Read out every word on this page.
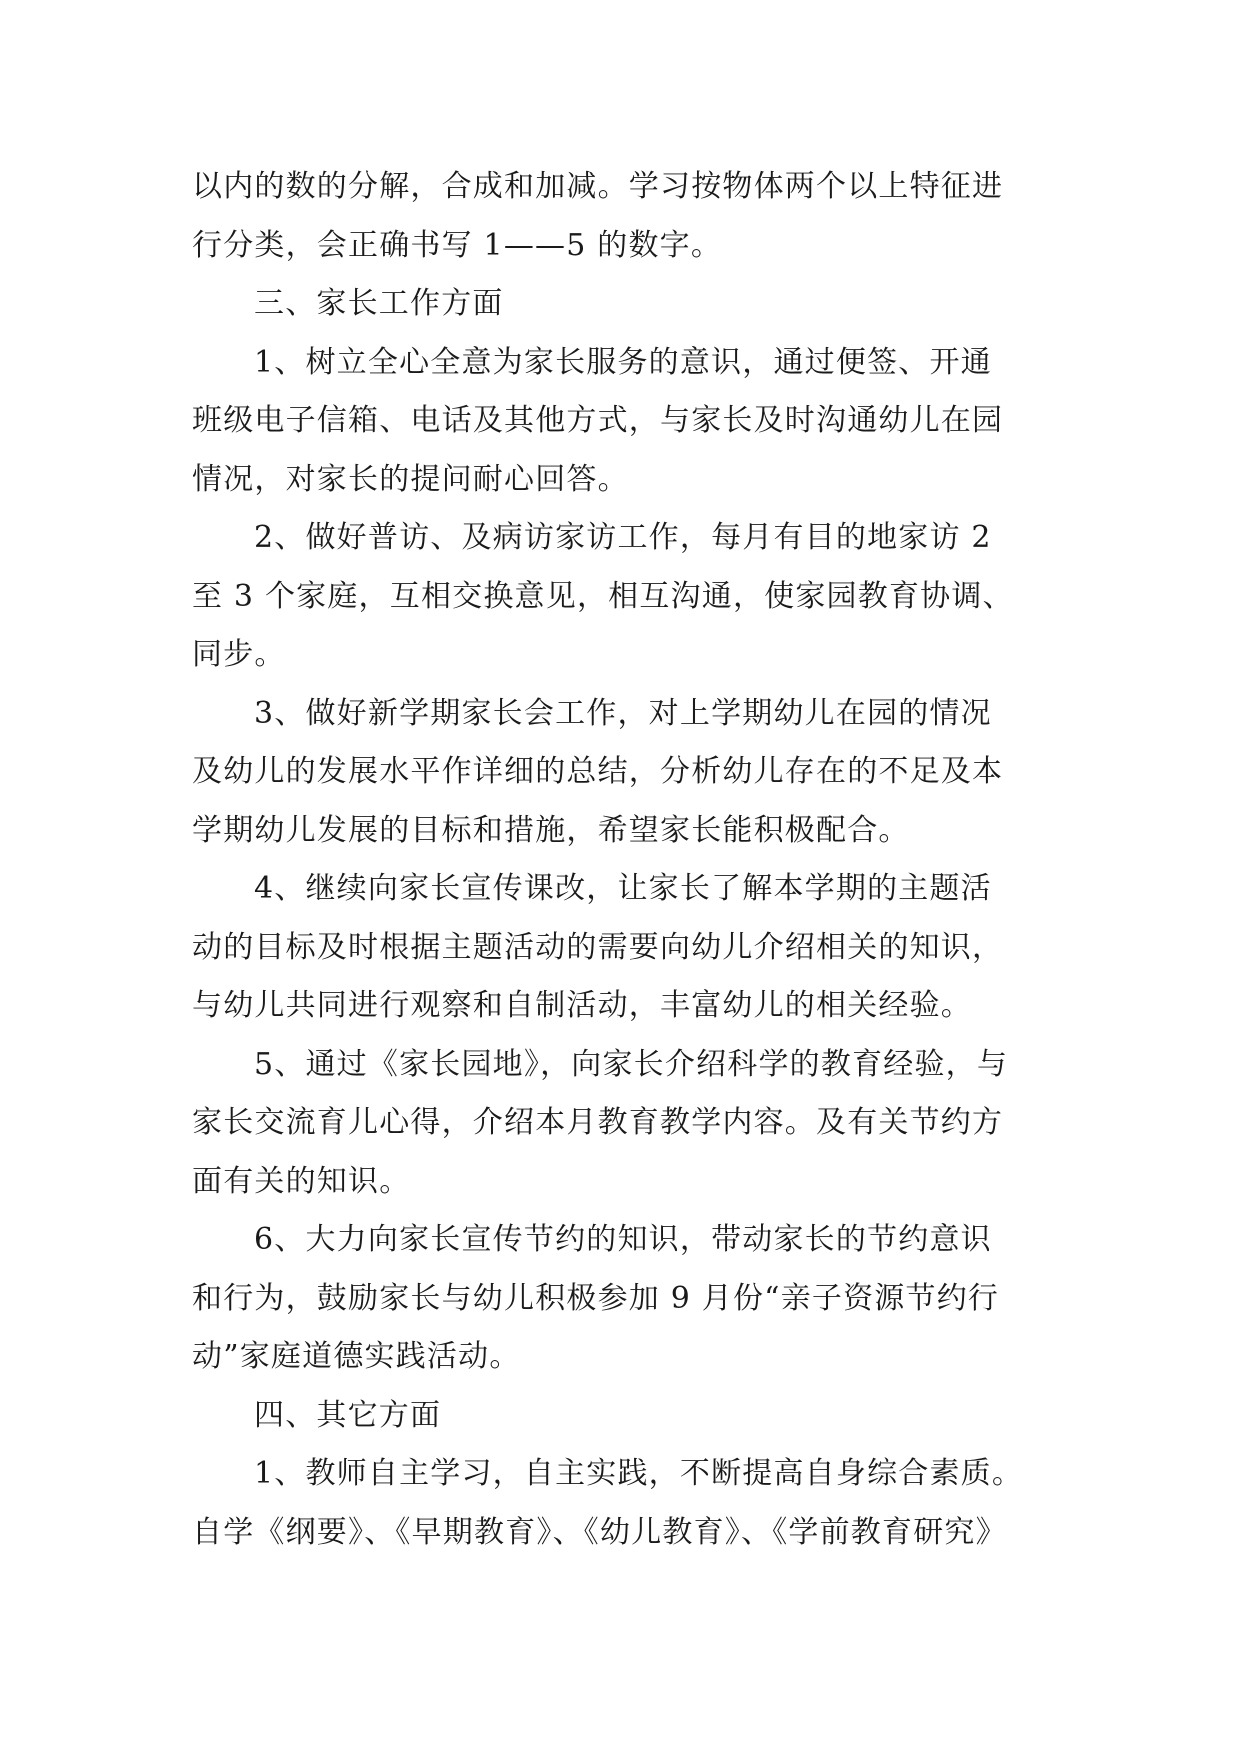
以内的数的分解，合成和加减。学习按物体两个以上特征进
行分类，会正确书写 1——5 的数字。
三、家长工作方面
1、树立全心全意为家长服务的意识，通过便签、开通
班级电子信箱、电话及其他方式，与家长及时沟通幼儿在园
情况，对家长的提问耐心回答。
2、做好普访、及病访家访工作，每月有目的地家访 2
至 3 个家庭，互相交换意见，相互沟通，使家园教育协调、
同步。
3、做好新学期家长会工作，对上学期幼儿在园的情况
及幼儿的发展水平作详细的总结，分析幼儿存在的不足及本
学期幼儿发展的目标和措施，希望家长能积极配合。
4、继续向家长宣传课改，让家长了解本学期的主题活
动的目标及时根据主题活动的需要向幼儿介绍相关的知识，
与幼儿共同进行观察和自制活动，丰富幼儿的相关经验。
5、通过《家长园地》，向家长介绍科学的教育经验，与
家长交流育儿心得，介绍本月教育教学内容。及有关节约方
面有关的知识。
6、大力向家长宣传节约的知识，带动家长的节约意识
和行为，鼓励家长与幼儿积极参加 9 月份“亲子资源节约行
动”家庭道德实践活动。
四、其它方面
1、教师自主学习，自主实践，不断提高自身综合素质。
自学《纲要》、《早期教育》、《幼儿教育》、《学前教育研究》
